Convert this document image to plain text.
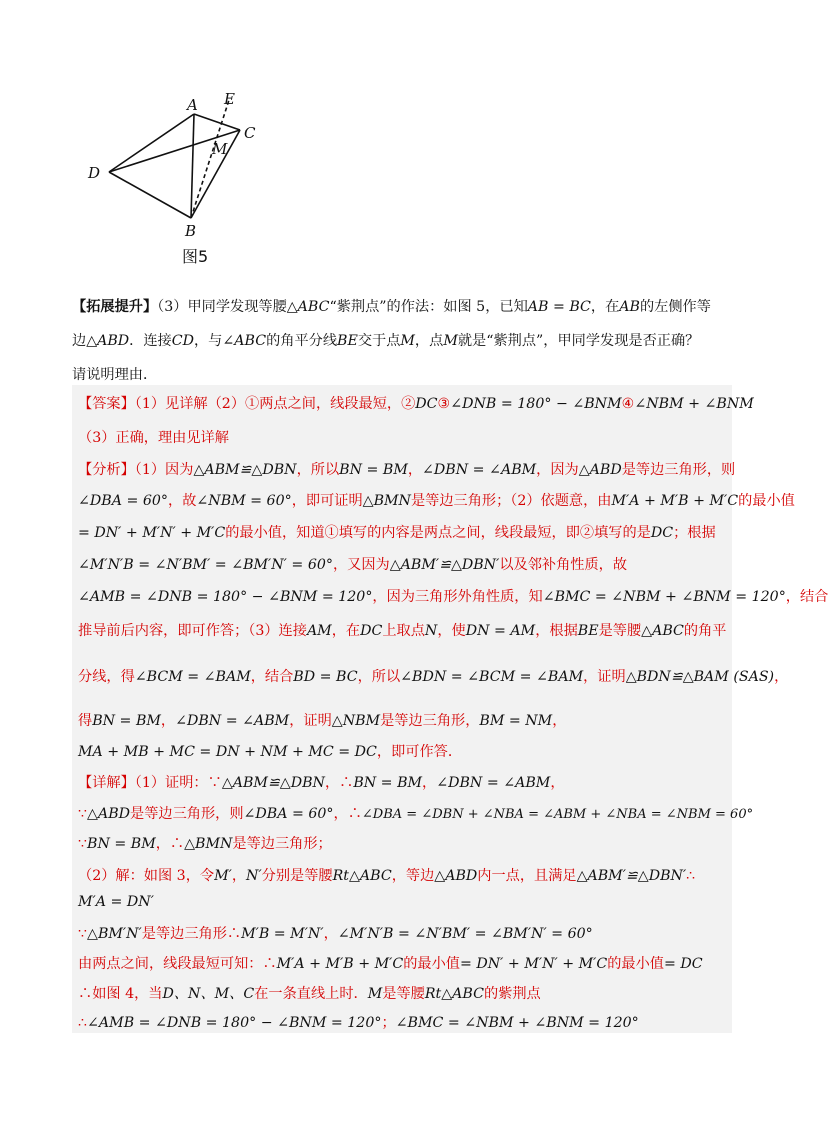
A E
C
M
D
B
图5
【拓展提升】（3）甲同学发现等腰△ABC“紫荆点”的作法：如图 5，已知AB = BC，在AB的左侧作等
边△ABD．连接CD，与∠ABC的角平分线BE交于点M，点M就是“紫荆点”，甲同学发现是否正确？
请说明理由．
【答案】（1）见详解（2）①两点之间，线段最短，②DC③∠DNB = 180° − ∠BNM④∠NBM + ∠BNM
（3）正确，理由见详解
【分析】（1）因为△ABM≌△DBN，所以BN = BM，∠DBN = ∠ABM，因为△ABD是等边三角形，则
∠DBA = 60°，故∠NBM = 60°，即可证明△BMN是等边三角形；（2）依题意，由M′A + M′B + M′C的最小值
= DN′ + M′N′ + M′C的最小值，知道①填写的内容是两点之间，线段最短，即②填写的是DC；根据
∠M′N′B = ∠N′BM′ = ∠BM′N′ = 60°，又因为△ABM′≌△DBN′以及邻补角性质，故
∠AMB = ∠DNB = 180° − ∠BNM = 120°，因为三角形外角性质，知∠BMC = ∠NBM + ∠BNM = 120°，结合
推导前后内容，即可作答；（3）连接AM，在DC上取点N，使DN = AM，根据BE是等腰△ABC的角平
分线，得∠BCM = ∠BAM，结合BD = BC，所以∠BDN = ∠BCM = ∠BAM，证明△BDN≌△BAM (SAS)，
得BN = BM，∠DBN = ∠ABM，证明△NBM是等边三角形，BM = NM，
MA + MB + MC = DN + NM + MC = DC，即可作答．
【详解】（1）证明：∵△ABM≌△DBN，∴BN = BM，∠DBN = ∠ABM，
∵△ABD是等边三角形，则∠DBA = 60°，∴∠DBA = ∠DBN + ∠NBA = ∠ABM + ∠NBA = ∠NBM = 60°
∵BN = BM，∴△BMN是等边三角形；
（2）解：如图 3，令M′，N′分别是等腰Rt△ABC，等边△ABD内一点，且满足△ABM′≌△DBN′∴
M′A = DN′
∵△BM′N′是等边三角形∴M′B = M′N′，∠M′N′B = ∠N′BM′ = ∠BM′N′ = 60°
由两点之间，线段最短可知：∴M′A + M′B + M′C的最小值= DN′ + M′N′ + M′C的最小值= DC
∴如图 4，当D、N、M、C在一条直线上时．M是等腰Rt△ABC的紫荆点
∴∠AMB = ∠DNB = 180° − ∠BNM = 120°；∠BMC = ∠NBM + ∠BNM = 120°
